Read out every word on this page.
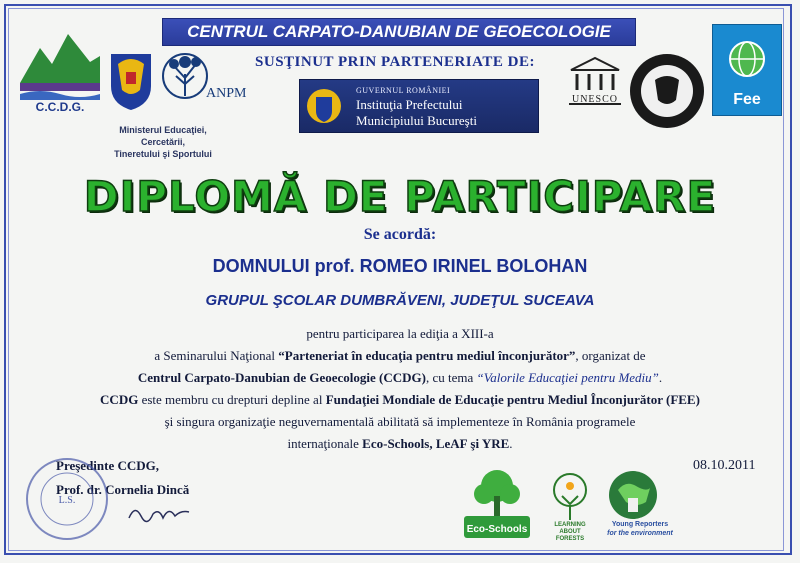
CENTRUL CARPATO-DANUBIAN DE GEOECOLOGIE
SUSŢINUT PRIN PARTENERIATE DE:
C.C.D.G.
ANPM
Ministerul Educaţiei, Cercetării,
Tineretului şi Sportului
GUVERNUL ROMÂNIEI
Instituţia Prefectului
Municipiului Bucureşti
UNESCO	Fee
DIPLOMĂ DE PARTICIPARE
Se acordă:
DOMNULUI prof. ROMEO IRINEL BOLOHAN
GRUPUL ŞCOLAR DUMBRĂVENI, JUDEŢUL SUCEAVA
pentru participarea la ediţia a XIII-a
a Seminarului Naţional “Parteneriat în educaţia pentru mediul înconjurător”, organizat de
Centrul Carpato-Danubian de Geoecologie (CCDG), cu tema “Valorile Educaţiei pentru Mediu”.
CCDG este membru cu drepturi depline al Fundaţiei Mondiale de Educaţie pentru Mediul Înconjurător (FEE)
şi singura organizaţie neguvernamentală abilitată să implementeze în România programele
internaţionale Eco-Schools, LeAF şi YRE.
Preşedinte CCDG,
Prof. dr. Cornelia Dincă
L.S.
08.10.2011
Eco-Schools	LEARNING
ABOUT
FORESTS
Young Reporters
for the environment
